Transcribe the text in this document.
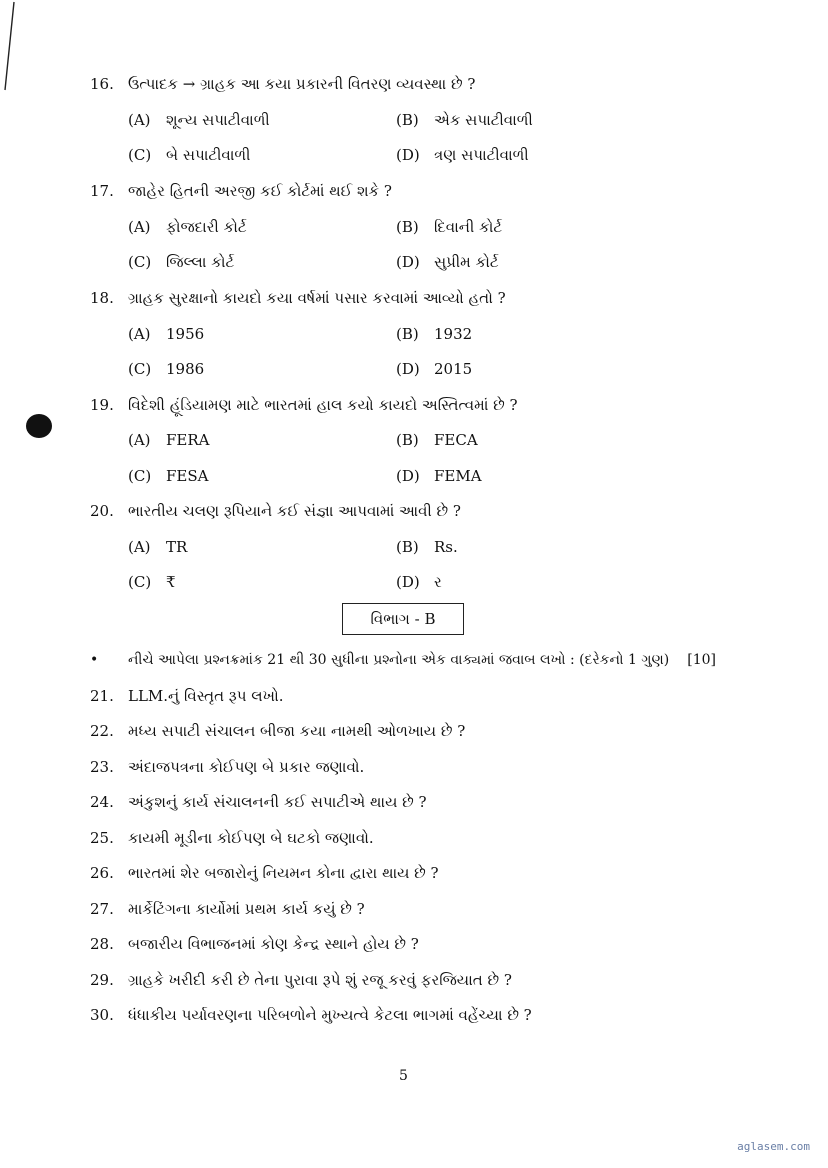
16. ઉત્પાદક → ગ્રાહક આ કયા પ્રકારની વિતરણ વ્યવસ્થા છે ?
(A) શૂન્ય સપાટીવાળી	(B) એક સપાટીવાળી
(C) બે સપાટીવાળી	(D) ત્રણ સપાટીવાળી
17. જાહેર હિતની અરજી કઈ કોર્ટમાં થઈ શકે ?
(A) ફોજદારી કોર્ટ	(B) દિવાની કોર્ટ
(C) જિલ્લા કોર્ટ	(D) સુપ્રીમ કોર્ટ
18. ગ્રાહક સુરક્ષાનો કાયદો કયા વર્ષમાં પસાર કરવામાં આવ્યો હતો ?
(A) 1956	(B) 1932
(C) 1986	(D) 2015
19. વિદેશી હૂંડિયામણ માટે ભારતમાં હાલ કયો કાયદો અસ્તિત્વમાં છે ?
(A) FERA	(B) FECA
(C) FESA	(D) FEMA
20. ભારતીય ચલણ રૂપિયાને કઈ સંજ્ઞા આપવામાં આવી છે ?
(A) TR	(B) Rs.
(C) ₹	(D) ર
વિભાગ - B
• નીચે આપેલા પ્રશ્નક્રમાંક 21 થી 30 સુધીના પ્રશ્નોના એક વાક્યમાં જવાબ લખો : (દરેકનો 1 ગુણ) [10]
21. LLM.નું વિસ્તૃત રૂપ લખો.
22. મધ્ય સપાટી સંચાલન બીજા કયા નામથી ઓળખાય છે ?
23. અંદાજપત્રના કોઈપણ બે પ્રકાર જણાવો.
24. અંકુશનું કાર્ય સંચાલનની કઈ સપાટીએ થાય છે ?
25. કાયમી મૂડીના કોઈપણ બે ઘટકો જણાવો.
26. ભારતમાં શેર બજારોનું નિયમન કોના દ્વારા થાય છે ?
27. માર્કેટિંગના કાર્યોમાં પ્રથમ કાર્ય કયું છે ?
28. બજારીય વિભાજનમાં કોણ કેન્દ્ર સ્થાને હોય છે ?
29. ગ્રાહકે ખરીદી કરી છે તેના પુરાવા રૂપે શું રજૂ કરવું ફરજિયાત છે ?
30. ધંધાકીય પર્યાવરણના પરિબળોને મુખ્યત્વે કેટલા ભાગમાં વહેંચ્યા છે ?
5
aglasem.com
